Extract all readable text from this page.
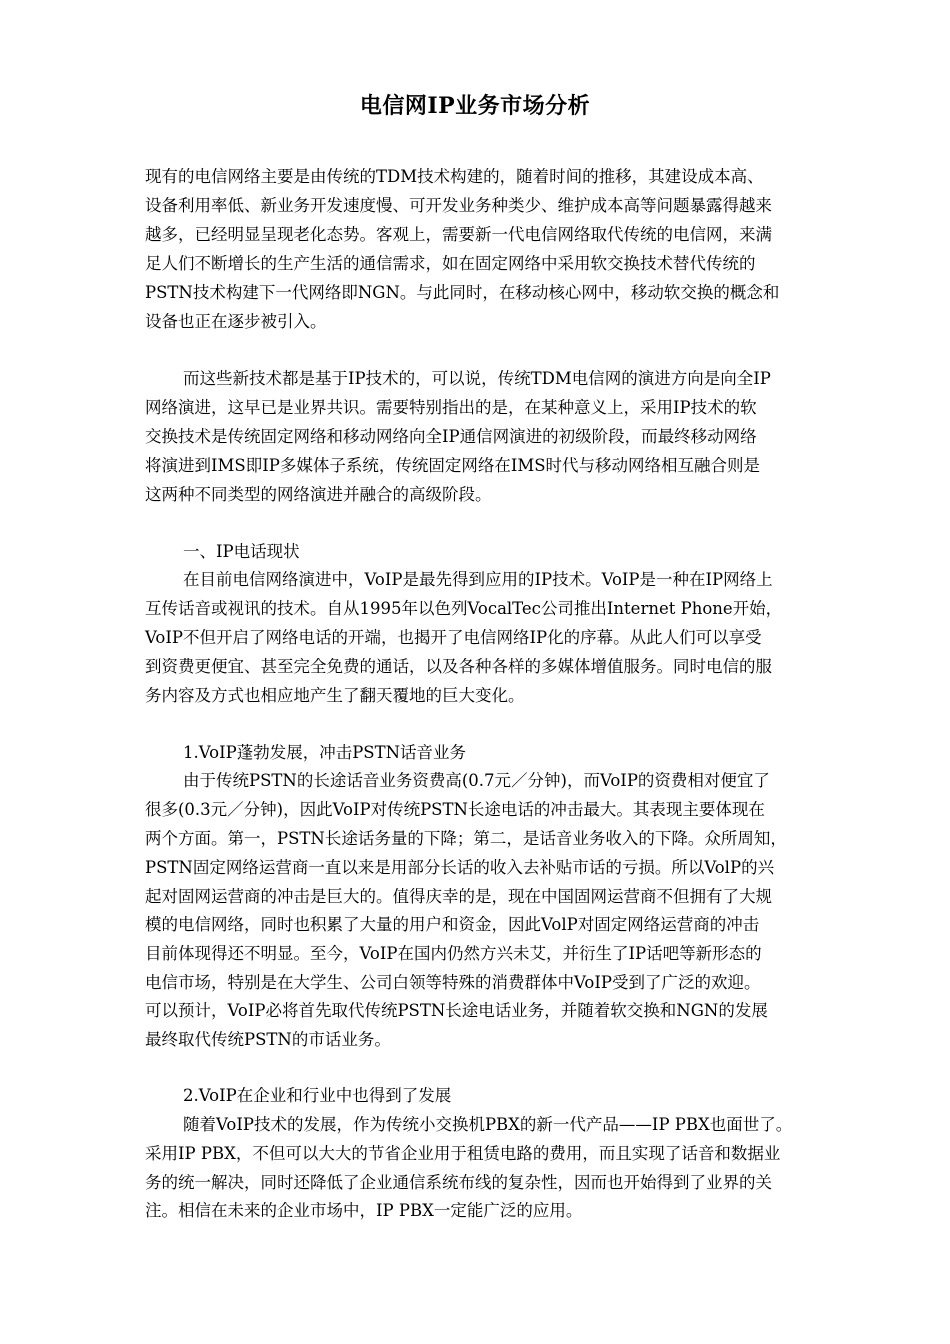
电信网IP业务市场分析
现有的电信网络主要是由传统的TDM技术构建的，随着时间的推移，其建设成本高、
设备利用率低、新业务开发速度慢、可开发业务种类少、维护成本高等问题暴露得越来
越多，已经明显呈现老化态势。客观上，需要新一代电信网络取代传统的电信网，来满
足人们不断增长的生产生活的通信需求，如在固定网络中采用软交换技术替代传统的
PSTN技术构建下一代网络即NGN。与此同时，在移动核心网中，移动软交换的概念和
设备也正在逐步被引入。
而这些新技术都是基于IP技术的，可以说，传统TDM电信网的演进方向是向全IP
网络演进，这早已是业界共识。需要特别指出的是，在某种意义上，采用IP技术的软
交换技术是传统固定网络和移动网络向全IP通信网演进的初级阶段，而最终移动网络
将演进到IMS即IP多媒体子系统，传统固定网络在IMS时代与移动网络相互融合则是
这两种不同类型的网络演进并融合的高级阶段。
一、IP电话现状
在目前电信网络演进中，VoIP是最先得到应用的IP技术。VoIP是一种在IP网络上
互传话音或视讯的技术。自从1995年以色列VocalTec公司推出Internet Phone开始，
VoIP不但开启了网络电话的开端，也揭开了电信网络IP化的序幕。从此人们可以享受
到资费更便宜、甚至完全免费的通话，以及各种各样的多媒体增值服务。同时电信的服
务内容及方式也相应地产生了翻天覆地的巨大变化。
1.VoIP蓬勃发展，冲击PSTN话音业务
由于传统PSTN的长途话音业务资费高(0.7元／分钟)，而VoIP的资费相对便宜了
很多(0.3元／分钟)，因此VoIP对传统PSTN长途电话的冲击最大。其表现主要体现在
两个方面。第一，PSTN长途话务量的下降；第二，是话音业务收入的下降。众所周知，
PSTN固定网络运营商一直以来是用部分长话的收入去补贴市话的亏损。所以VolP的兴
起对固网运营商的冲击是巨大的。值得庆幸的是，现在中国固网运营商不但拥有了大规
模的电信网络，同时也积累了大量的用户和资金，因此VolP对固定网络运营商的冲击
目前体现得还不明显。至今，VoIP在国内仍然方兴未艾，并衍生了IP话吧等新形态的
电信市场，特别是在大学生、公司白领等特殊的消费群体中VoIP受到了广泛的欢迎。
可以预计，VoIP必将首先取代传统PSTN长途电话业务，并随着软交换和NGN的发展
最终取代传统PSTN的市话业务。
2.VoIP在企业和行业中也得到了发展
随着VoIP技术的发展，作为传统小交换机PBX的新一代产品——IP PBX也面世了。
采用IP PBX，不但可以大大的节省企业用于租赁电路的费用，而且实现了话音和数据业
务的统一解决，同时还降低了企业通信系统布线的复杂性，因而也开始得到了业界的关
注。相信在未来的企业市场中，IP PBX一定能广泛的应用。
